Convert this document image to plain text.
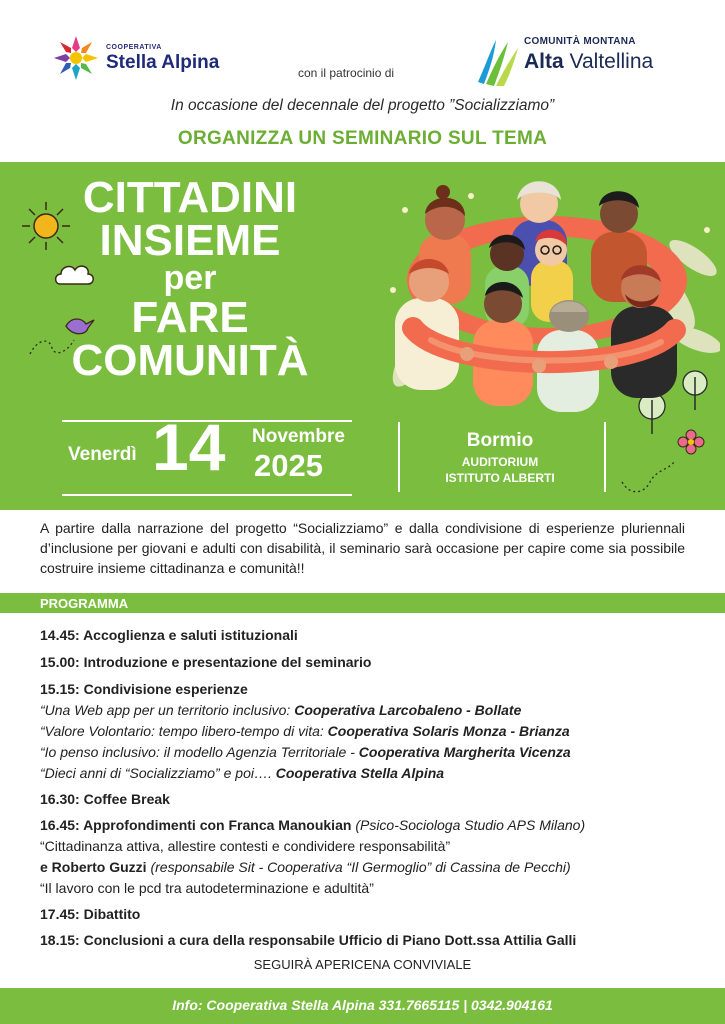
COOPERATIVA
Stella Alpina	con il patrocinio di
COMUNITÀ MONTANA
Alta Valtellina
In occasione del decennale del progetto ”Socializziamo”
ORGANIZZA UN SEMINARIO SUL TEMA
CITTADINI
INSIEME
per
FARE
COMUNITÀ
Venerdì 14 Novembre
2025
Bormio
AUDITORIUM
ISTITUTO ALBERTI

A partire dalla narrazione del progetto “Socializziamo” e dalla condivisione di esperienze pluriennali d’inclusione per giovani e adulti con disabilità, il seminario sarà occasione per capire come sia possibile costruire insieme cittadinanza e comunità!!

PROGRAMMA
14.45: Accoglienza e saluti istituzionali
15.00: Introduzione e presentazione del seminario
15.15: Condivisione esperienze
“Una Web app per un territorio inclusivo: Cooperativa Larcobaleno - Bollate
“Valore Volontario: tempo libero-tempo di vita: Cooperativa Solaris Monza - Brianza
“Io penso inclusivo: il modello Agenzia Territoriale - Cooperativa Margherita Vicenza
“Dieci anni di “Socializziamo” e poi…. Cooperativa Stella Alpina
16.30: Coffee Break
16.45: Approfondimenti con Franca Manoukian (Psico-Sociologa Studio APS Milano)
“Cittadinanza attiva, allestire contesti e condividere responsabilità”
e Roberto Guzzi (responsabile Sit - Cooperativa “Il Germoglio” di Cassina de Pecchi)
“Il lavoro con le pcd tra autodeterminazione e adultità”
17.45: Dibattito
18.15: Conclusioni a cura della responsabile Ufficio di Piano Dott.ssa Attilia Galli
SEGUIRÀ APERICENA CONVIVIALE
Info: Cooperativa Stella Alpina 331.7665115 | 0342.904161
